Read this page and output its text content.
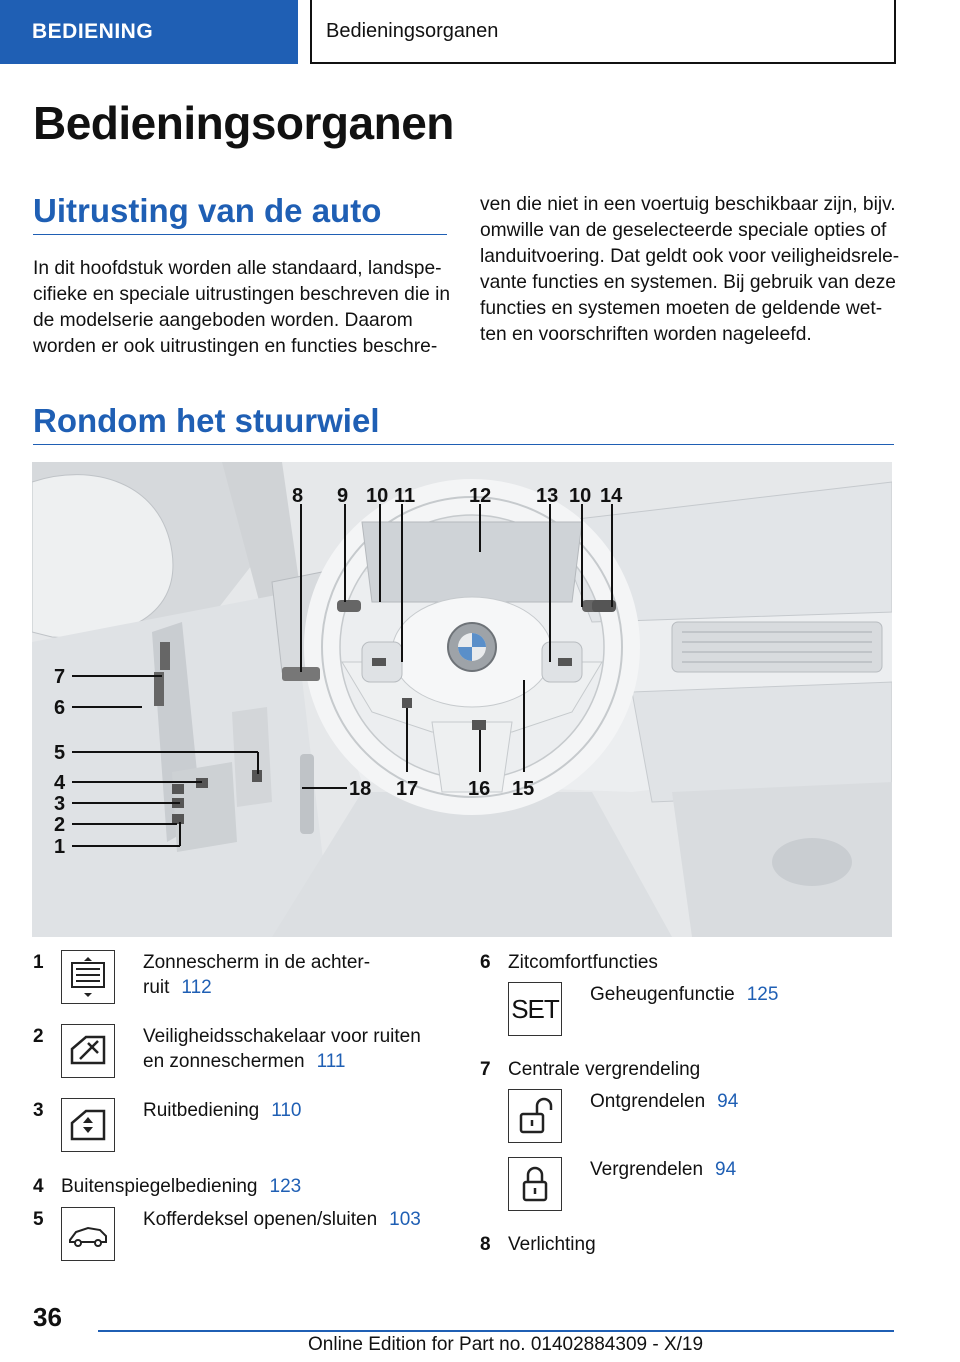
BEDIENING	Bedieningsorganen
Bedieningsorganen
Uitrusting van de auto
In dit hoofdstuk worden alle standaard, landspe-
cifieke en speciale uitrustingen beschreven die in
de modelserie aangeboden worden. Daarom
worden er ook uitrustingen en functies beschre-
ven die niet in een voertuig beschikbaar zijn, bijv.
omwille van de geselecteerde speciale opties of
landuitvoering. Dat geldt ook voor veiligheidsrele-
vante functies en systemen. Bij gebruik van deze
functies en systemen moeten de geldende wet-
ten en voorschriften worden nageleefd.
Rondom het stuurwiel
8 9 10 11	12 13 10 14
7
6
5
4
3
2
1
18 17 16 15
1	Zonnescherm in de achter-
ruit 112
2	Veiligheidsschakelaar voor ruiten
en zonneschermen 111
3	Ruitbediening 110
4 Buitenspiegelbediening 123
5	Kofferdeksel openen/sluiten 103
6 Zitcomfortfuncties
SET Geheugenfunctie 125
7 Centrale vergrendeling
Ontgrendelen 94
Vergrendelen 94
8 Verlichting
36
Online Edition for Part no. 01402884309 - X/19
